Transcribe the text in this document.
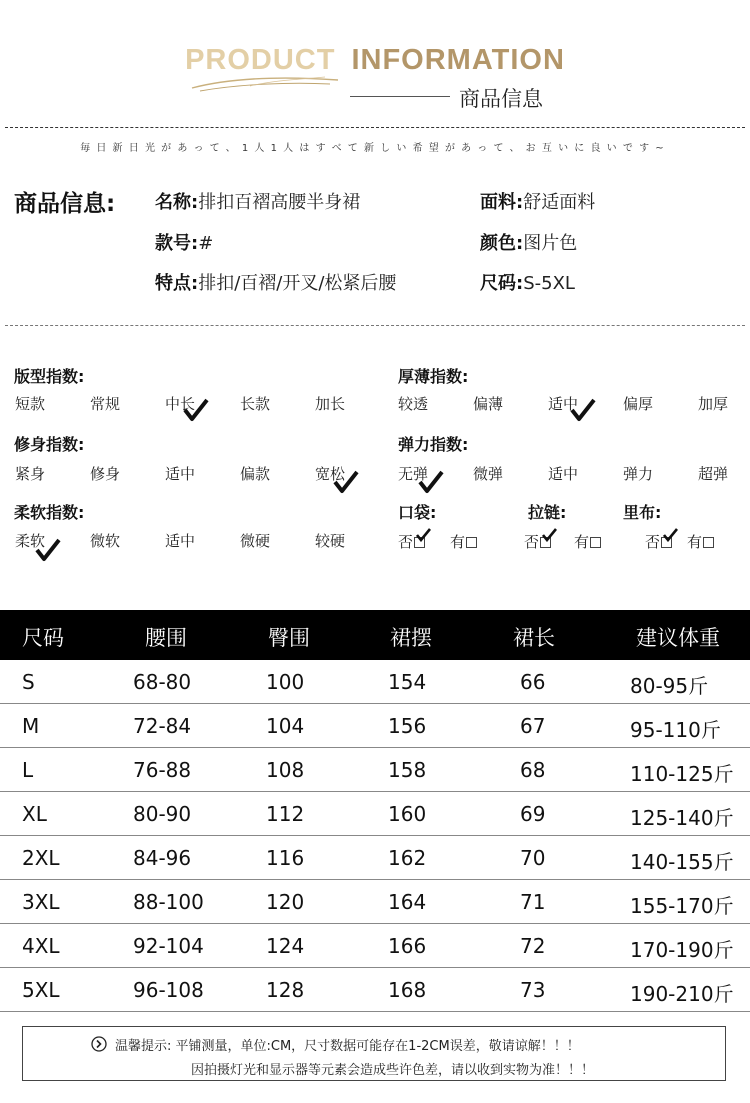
PRODUCT INFORMATION
商品信息
毎日新日光があって、1人1人はすべて新しい希望があって、お互いに良いです~
商品信息: 名称:排扣百褶高腰半身裙
款号:#
特点:排扣/百褶/开叉/松紧后腰
面料:舒适面料
颜色:图片色
尺码:S-5XL
版型指数:
短款	常规	中长	长款	加长
厚薄指数:
较透	偏薄	适中	偏厚	加厚
修身指数:
紧身	修身	适中	偏款	宽松
弹力指数:
无弹	微弹	适中	弹力	超弹
柔软指数:
柔软	微软	适中	微硬	较硬
口袋:
否	有
拉链:
否	有
里布:
否	有
尺码	腰围	臀围	裙摆	裙长	建议体重
S	68-80	100	154	66	80-95斤
M	72-84	104	156	67	95-110斤
L	76-88	108	158	68	110-125斤
XL	80-90	112	160	69	125-140斤
2XL	84-96	116	162	70	140-155斤
3XL	88-100	120	164	71	155-170斤
4XL	92-104	124	166	72	170-190斤
5XL	96-108	128	168	73	190-210斤
温馨提示: 平铺测量，单位:CM，尺寸数据可能存在1-2CM误差，敬请谅解！！！
因拍摄灯光和显示器等元素会造成些许色差，请以收到实物为准！！！
